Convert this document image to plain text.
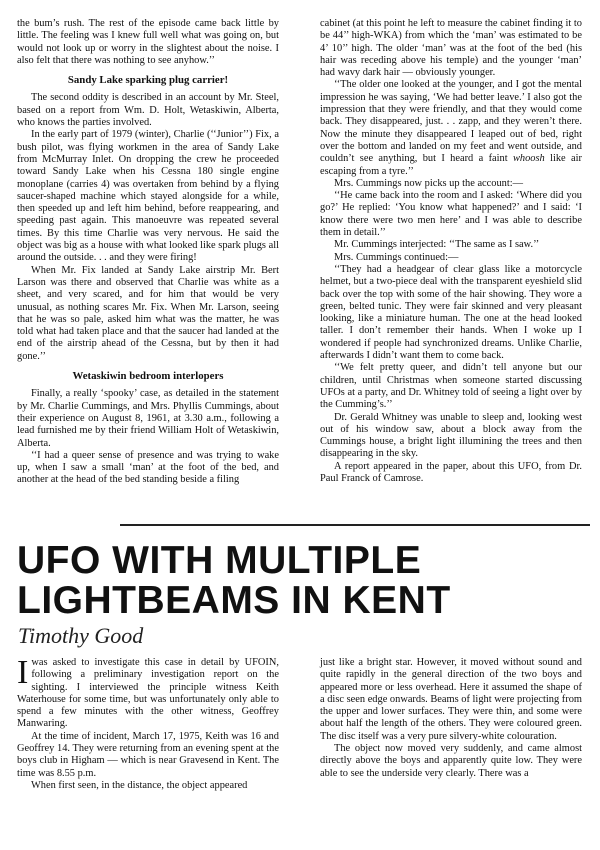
the bum’s rush. The rest of the episode came back little by little. The feeling was I knew full well what was going on, but would not look up or worry in the slightest about the noise. I also felt that there was nothing to see anyhow.’’

Sandy Lake sparking plug carrier!

The second oddity is described in an account by Mr. Steel, based on a report from Wm. D. Holt, Wetaskiwin, Alberta, who knows the parties involved.

In the early part of 1979 (winter), Charlie (‘‘Junior’’) Fix, a bush pilot, was flying workmen in the area of Sandy Lake from McMurray Inlet. On dropping the crew he proceeded toward Sandy Lake when his Cessna 180 single engine monoplane (carries 4) was overtaken from behind by a flying saucer-shaped machine which stayed alongside for a while, then speeded up and left him behind, before reappearing, and speeding past again. This manoeuvre was repeated several times. By this time Charlie was very nervous. He said the object was big as a house with what looked like spark plugs all around the outside. . . and they were firing!

When Mr. Fix landed at Sandy Lake airstrip Mr. Bert Larson was there and observed that Charlie was white as a sheet, and very scared, and for him that would be very unusual, as nothing scares Mr. Fix. When Mr. Larson, seeing that he was so pale, asked him what was the matter, he was told what had taken place and that the saucer had landed at the end of the airstrip ahead of the Cessna, but by then it had gone.’’

Wetaskiwin bedroom interlopers

Finally, a really ‘spooky’ case, as detailed in the statement by Mr. Charlie Cummings, and Mrs. Phyllis Cummings, about their experience on August 8, 1961, at 3.30 a.m., following a lead furnished me by their friend William Holt of Wetaskiwin, Alberta.

‘‘I had a queer sense of presence and was trying to wake up, when I saw a small ‘man’ at the foot of the bed, and another at the head of the bed standing beside a filing

cabinet (at this point he left to measure the cabinet finding it to be 44’’ high-WKA) from which the ‘man’ was estimated to be 4’ 10’’ high. The older ‘man’ was at the foot of the bed (his hair was receding above his temple) and the younger ‘man’ had wavy dark hair — obviously younger.

‘‘The older one looked at the younger, and I got the mental impression he was saying, ‘We had better leave.’ I also got the impression that they were friendly, and that they would come back. They disappeared, just. . . zapp, and they weren’t there. Now the minute they disappeared I leaped out of bed, right over the bottom and landed on my feet and went outside, and couldn’t see anything, but I heard a faint whoosh like air escaping from a tyre.’’

Mrs. Cummings now picks up the account:—

‘‘He came back into the room and I asked: ‘Where did you go?’ He replied: ‘You know what happened?’ and I said: ‘I know there were two men here’ and I was able to describe them in detail.’’

Mr. Cummings interjected: ‘‘The same as I saw.’’

Mrs. Cummings continued:—

‘‘They had a headgear of clear glass like a motorcycle helmet, but a two-piece deal with the transparent eyeshield slid back over the top with some of the hair showing. They wore a green, belted tunic. They were fair skinned and very pleasant looking, like a miniature human. The one at the head looked taller. I don’t remember their hands. When I woke up I wondered if people had synchronized dreams. Unlike Charlie, afterwards I didn’t want them to come back.

‘‘We felt pretty queer, and didn’t tell anyone but our children, until Christmas when someone started discussing UFOs at a party, and Dr. Whitney told of seeing a light over by the Cumming’s.’’

Dr. Gerald Whitney was unable to sleep and, looking west out of his window saw, about a block away from the Cummings house, a bright light illumining the trees and then disappearing in the sky.

A report appeared in the paper, about this UFO, from Dr. Paul Franck of Camrose.

UFO WITH MULTIPLE
LIGHTBEAMS IN KENT
Timothy Good

Iwas asked to investigate this case in detail by UFOIN, following a preliminary investigation report on the sighting. I interviewed the principle witness Keith Waterhouse for some time, but was unfortunately only able to spend a few minutes with the other witness, Geoffrey Manwaring.

At the time of incident, March 17, 1975, Keith was 16 and Geoffrey 14. They were returning from an evening spent at the boys club in Higham — which is near Gravesend in Kent. The time was 8.55 p.m.

When first seen, in the distance, the object appeared

just like a bright star. However, it moved without sound and quite rapidly in the general direction of the two boys and appeared more or less overhead. Here it assumed the shape of a disc seen edge onwards. Beams of light were projecting from the upper and lower surfaces. They were thin, and some were about half the length of the others. They were coloured green. The disc itself was a very pure silvery-white colouration.

The object now moved very suddenly, and came almost directly above the boys and apparently quite low. They were able to see the underside very clearly. There was a
